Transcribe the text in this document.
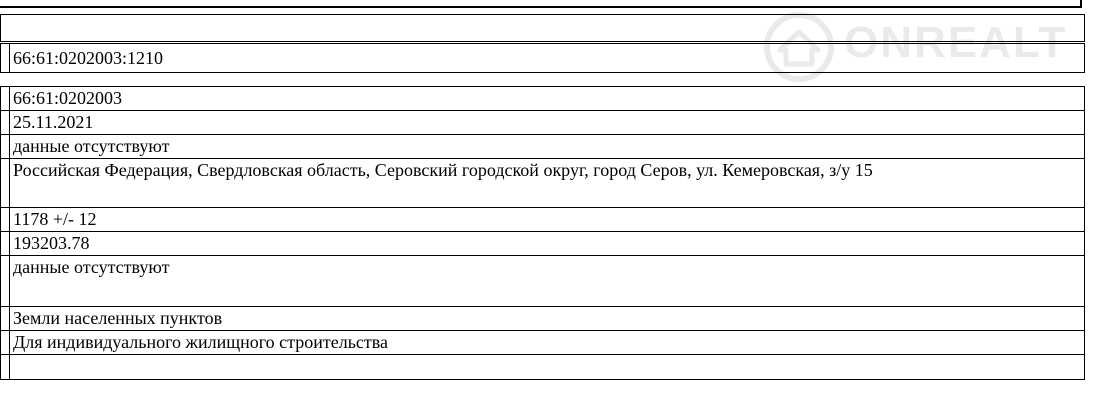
66:61:0202003:1210
66:61:0202003
25.11.2021
данные отсутствуют
Российская Федерация, Свердловская область, Серовский городской округ, город Серов, ул. Кемеровская, з/у 15
1178 +/- 12
193203.78
данные отсутствуют
Земли населенных пунктов
Для индивидуального жилищного строительства
ONREALT
